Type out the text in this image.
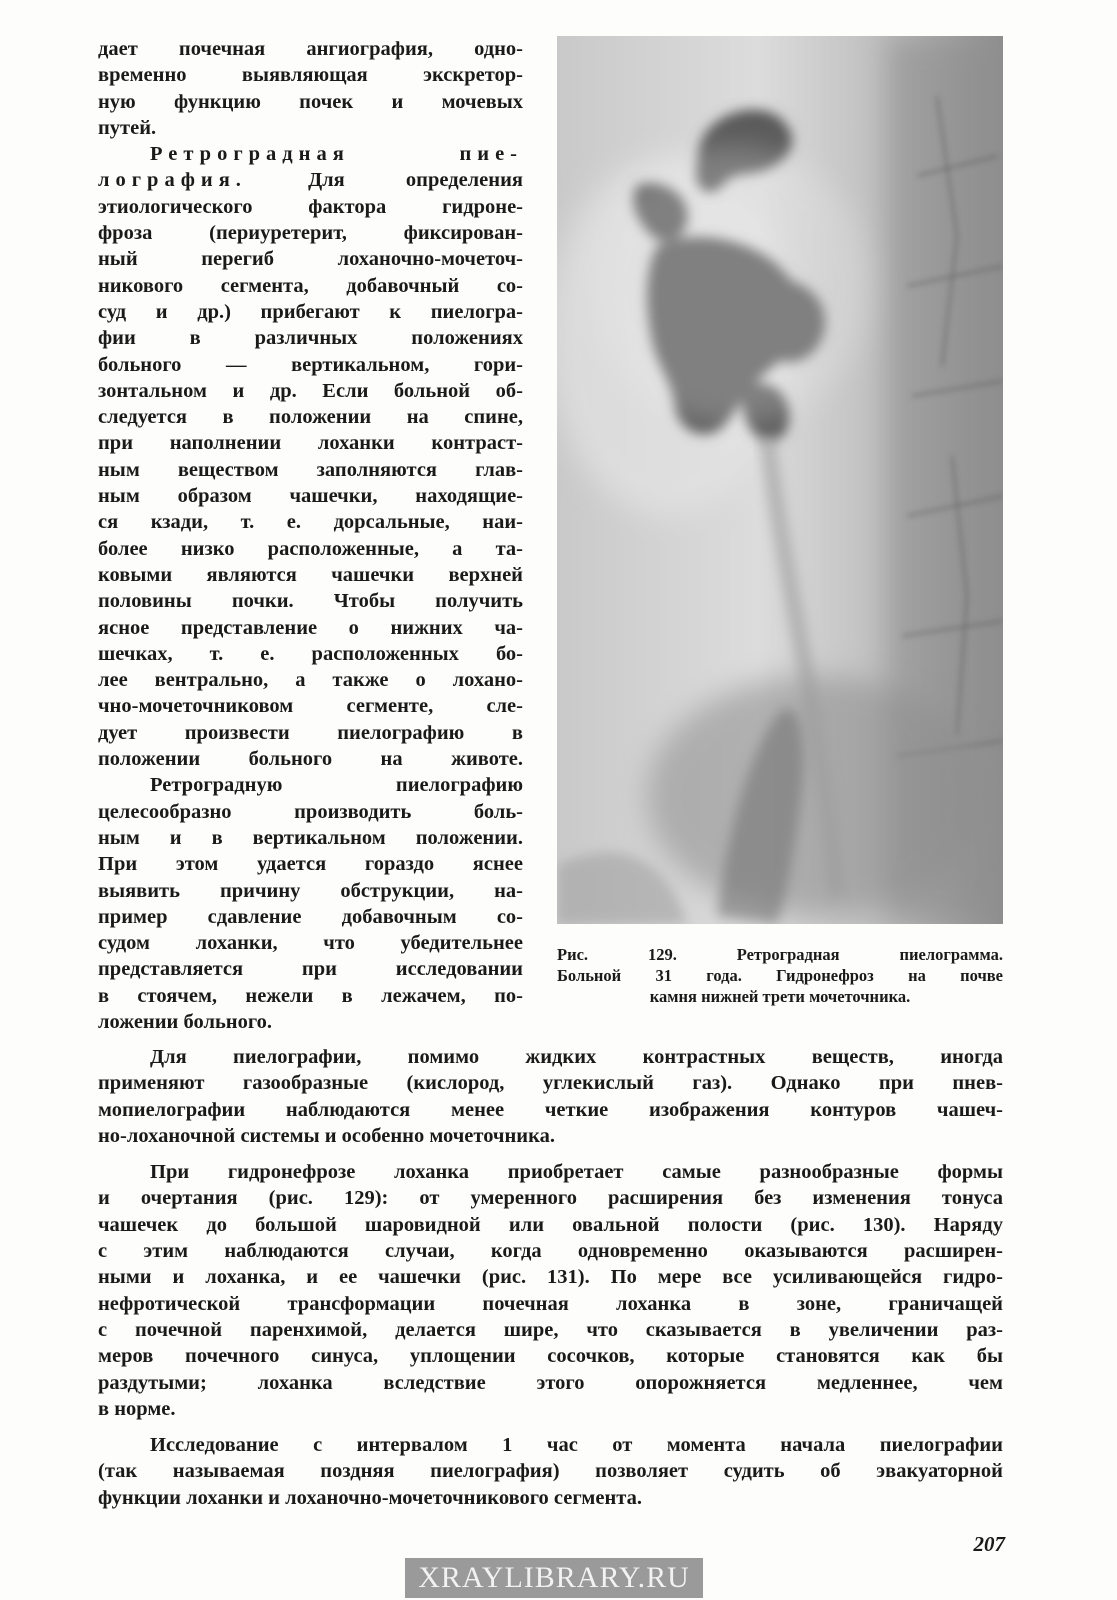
дает почечная ангиография, одно-
временно выявляющая экскретор-
ную функцию почек и мочевых
путей.
Ретроградная пие-
лография. Для определения
этиологического фактора гидроне-
фроза (периуретерит, фиксирован-
ный перегиб лоханочно-мочеточ-
никового сегмента, добавочный со-
суд и др.) прибегают к пиелогра-
фии в различных положениях
больного — вертикальном, гори-
зонтальном и др. Если больной об-
следуется в положении на спине,
при наполнении лоханки контраст-
ным веществом заполняются глав-
ным образом чашечки, находящие-
ся кзади, т. е. дорсальные, наи-
более низко расположенные, а та-
ковыми являются чашечки верхней
половины почки. Чтобы получить
ясное представление о нижних ча-
шечках, т. е. расположенных бо-
лее вентрально, а также о лохано-
чно-мочеточниковом сегменте, сле-
дует произвести пиелографию в
положении больного на животе.
Ретроградную пиелографию
целесообразно производить боль-
ным и в вертикальном положении.
При этом удается гораздо яснее
выявить причину обструкции, на-
пример сдавление добавочным со-
судом лоханки, что убедительнее
представляется при исследовании
в стоячем, нежели в лежачем, по-
ложении больного.
Рис. 129. Ретроградная пиелограмма.
Больной 31 года. Гидронефроз на почве
камня нижней трети мочеточника.
Для пиелографии, помимо жидких контрастных веществ, иногда
применяют газообразные (кислород, углекислый газ). Однако при пнев-
мопиелографии наблюдаются менее четкие изображения контуров чашеч-
но-лоханочной системы и особенно мочеточника.
При гидронефрозе лоханка приобретает самые разнообразные формы
и очертания (рис. 129): от умеренного расширения без изменения тонуса
чашечек до большой шаровидной или овальной полости (рис. 130). Наряду
с этим наблюдаются случаи, когда одновременно оказываются расширен-
ными и лоханка, и ее чашечки (рис. 131). По мере все усиливающейся гидро-
нефротической трансформации почечная лоханка в зоне, граничащей
с почечной паренхимой, делается шире, что сказывается в увеличении раз-
меров почечного синуса, уплощении сосочков, которые становятся как бы
раздутыми; лоханка вследствие этого опорожняется медленнее, чем
в норме.
Исследование с интервалом 1 час от момента начала пиелографии
(так называемая поздняя пиелография) позволяет судить об эвакуаторной
функции лоханки и лоханочно-мочеточникового сегмента.
207
XRAYLIBRARY.RU
